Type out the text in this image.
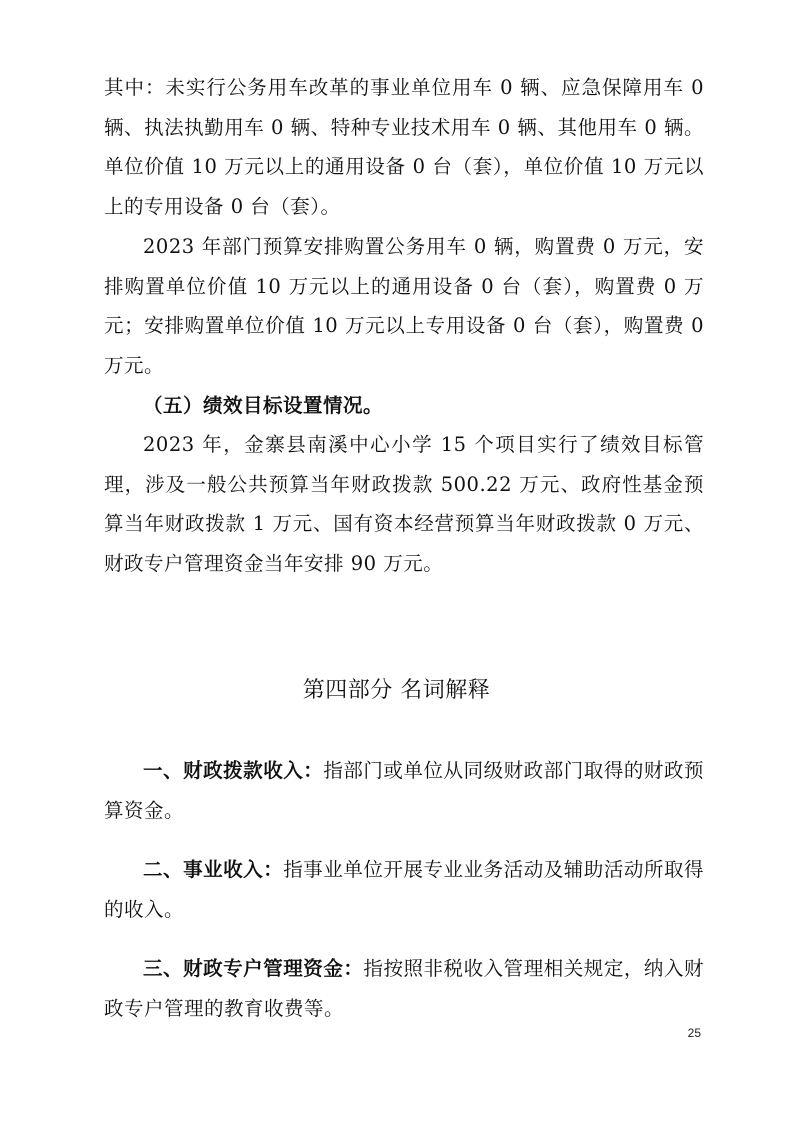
其中：未实行公务用车改革的事业单位用车 0 辆、应急保障用车 0 辆、执法执勤用车 0 辆、特种专业技术用车 0 辆、其他用车 0 辆。单位价值 10 万元以上的通用设备 0 台（套），单位价值 10 万元以上的专用设备 0 台（套）。

2023 年部门预算安排购置公务用车 0 辆，购置费 0 万元，安排购置单位价值 10 万元以上的通用设备 0 台（套），购置费 0 万元；安排购置单位价值 10 万元以上专用设备 0 台（套），购置费 0 万元。

（五）绩效目标设置情况。

2023 年，金寨县南溪中心小学 15 个项目实行了绩效目标管理，涉及一般公共预算当年财政拨款 500.22 万元、政府性基金预算当年财政拨款 1 万元、国有资本经营预算当年财政拨款 0 万元、财政专户管理资金当年安排 90 万元。

第四部分 名词解释

一、财政拨款收入：指部门或单位从同级财政部门取得的财政预算资金。

二、事业收入：指事业单位开展专业业务活动及辅助活动所取得的收入。

三、财政专户管理资金：指按照非税收入管理相关规定，纳入财政专户管理的教育收费等。

25
